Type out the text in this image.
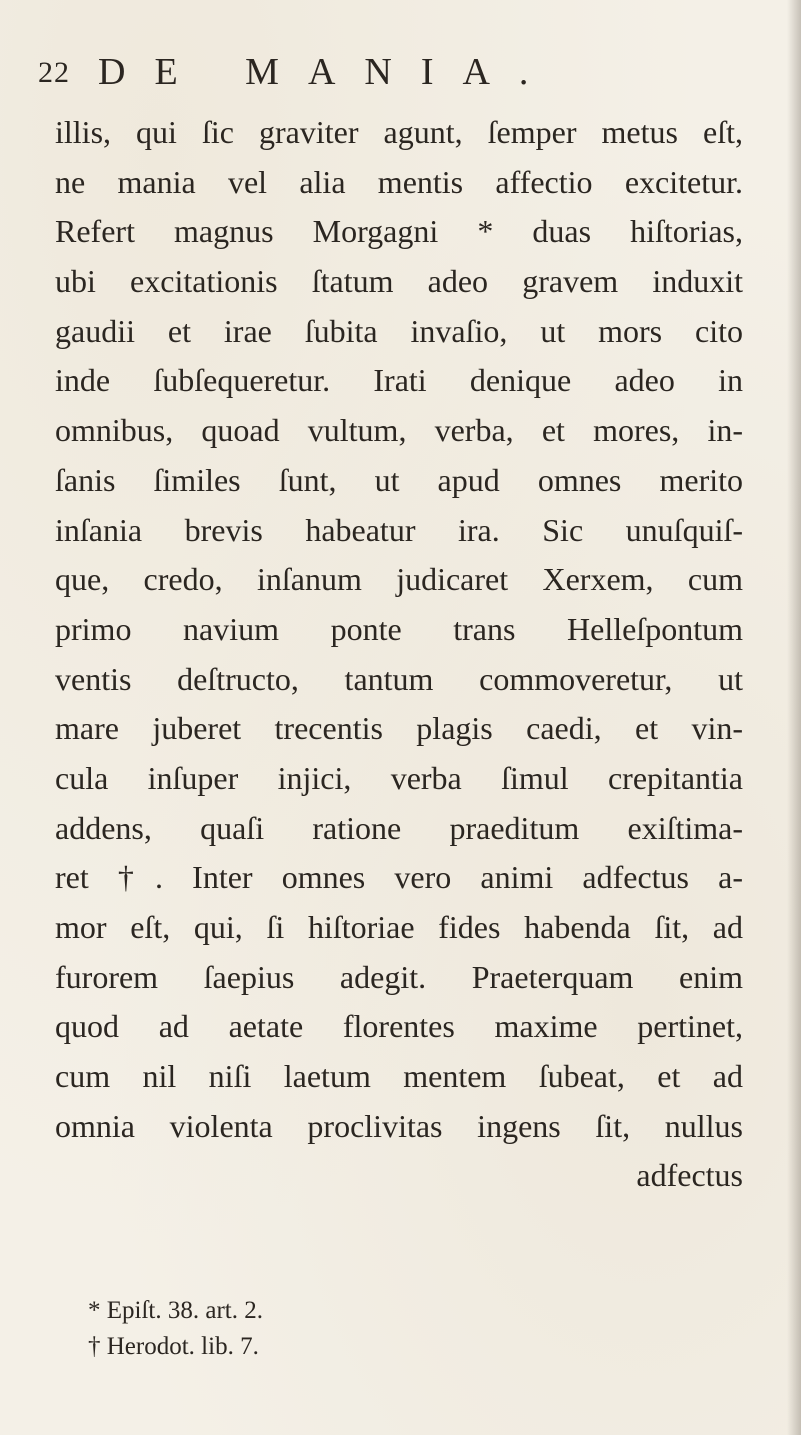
22 DE MANIA.
illis, qui ſic graviter agunt, ſemper metus eſt,
ne mania vel alia mentis affectio excitetur.
Refert magnus Morgagni * duas hiſtorias,
ubi excitationis ſtatum adeo gravem induxit
gaudii et irae ſubita invaſio, ut mors cito
inde ſubſequeretur. Irati denique adeo in
omnibus, quoad vultum, verba, et mores, in-
ſanis ſimiles ſunt, ut apud omnes merito
inſania brevis habeatur ira. Sic unuſquiſ-
que, credo, inſanum judicaret Xerxem, cum
primo navium ponte trans Helleſpontum
ventis deſtructo, tantum commoveretur, ut
mare juberet trecentis plagis caedi, et vin-
cula inſuper injici, verba ſimul crepitantia
addens, quaſi ratione praeditum exiſtima-
ret †. Inter omnes vero animi adfectus a-
mor eſt, qui, ſi hiſtoriae fides habenda ſit, ad
furorem ſaepius adegit. Praeterquam enim
quod ad aetate florentes maxime pertinet,
cum nil niſi laetum mentem ſubeat, et ad
omnia violenta proclivitas ingens ſit, nullus
adfectus
* Epiſt. 38. art. 2.
† Herodot. lib. 7.
